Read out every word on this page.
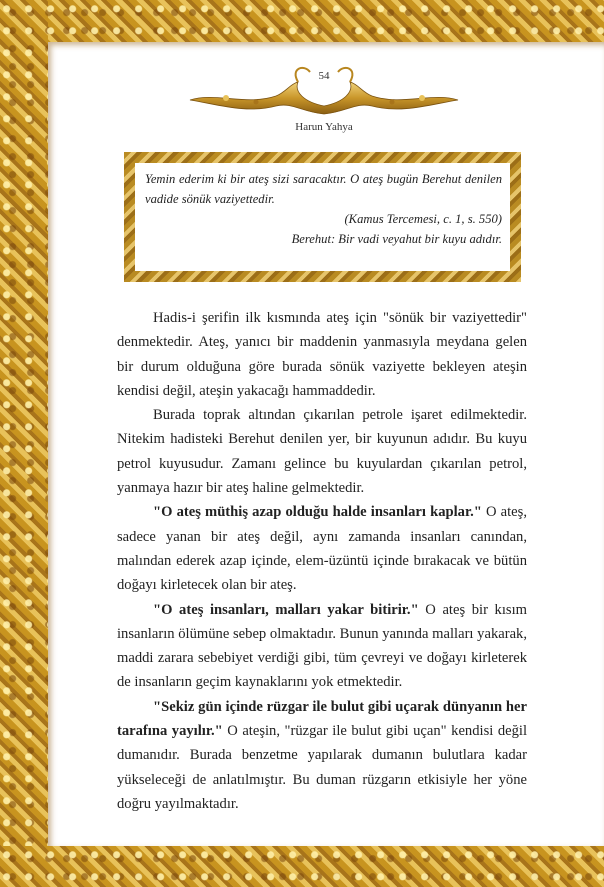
54
Harun Yahya
Yemin ederim ki bir ateş sizi saracaktır. O ateş bugün Berehut denilen vadide sönük vaziyettedir.
(Kamus Tercemesi, c. 1, s. 550)
Berehut: Bir vadi veyahut bir kuyu adıdır.

Hadis-i şerifin ilk kısmında ateş için "sönük bir vaziyettedir" denmektedir. Ateş, yanıcı bir maddenin yanmasıyla meydana gelen bir durum olduğuna göre burada sönük vaziyette bekleyen ateşin kendisi değil, ateşin yakacağı hammaddedir.

Burada toprak altından çıkarılan petrole işaret edilmektedir. Nitekim hadisteki Berehut denilen yer, bir kuyunun adıdır. Bu kuyu petrol kuyusudur. Zamanı gelince bu kuyulardan çıkarılan petrol, yanmaya hazır bir ateş haline gelmektedir.

"O ateş müthiş azap olduğu halde insanları kaplar." O ateş, sadece yanan bir ateş değil, aynı zamanda insanları canından, malından ederek azap içinde, elem-üzüntü içinde bırakacak ve bütün doğayı kirletecek olan bir ateş.

"O ateş insanları, malları yakar bitirir." O ateş bir kısım insanların ölümüne sebep olmaktadır. Bunun yanında malları yakarak, maddi zarara sebebiyet verdiği gibi, tüm çevreyi ve doğayı kirleterek de insanların geçim kaynaklarını yok etmektedir.

"Sekiz gün içinde rüzgar ile bulut gibi uçarak dünyanın her tarafına yayılır." O ateşin, "rüzgar ile bulut gibi uçan" kendisi değil dumanıdır. Burada benzetme yapılarak dumanın bulutlara kadar yükseleceği de anlatılmıştır. Bu duman rüzgarın etkisiyle her yöne doğru yayılmaktadır.
